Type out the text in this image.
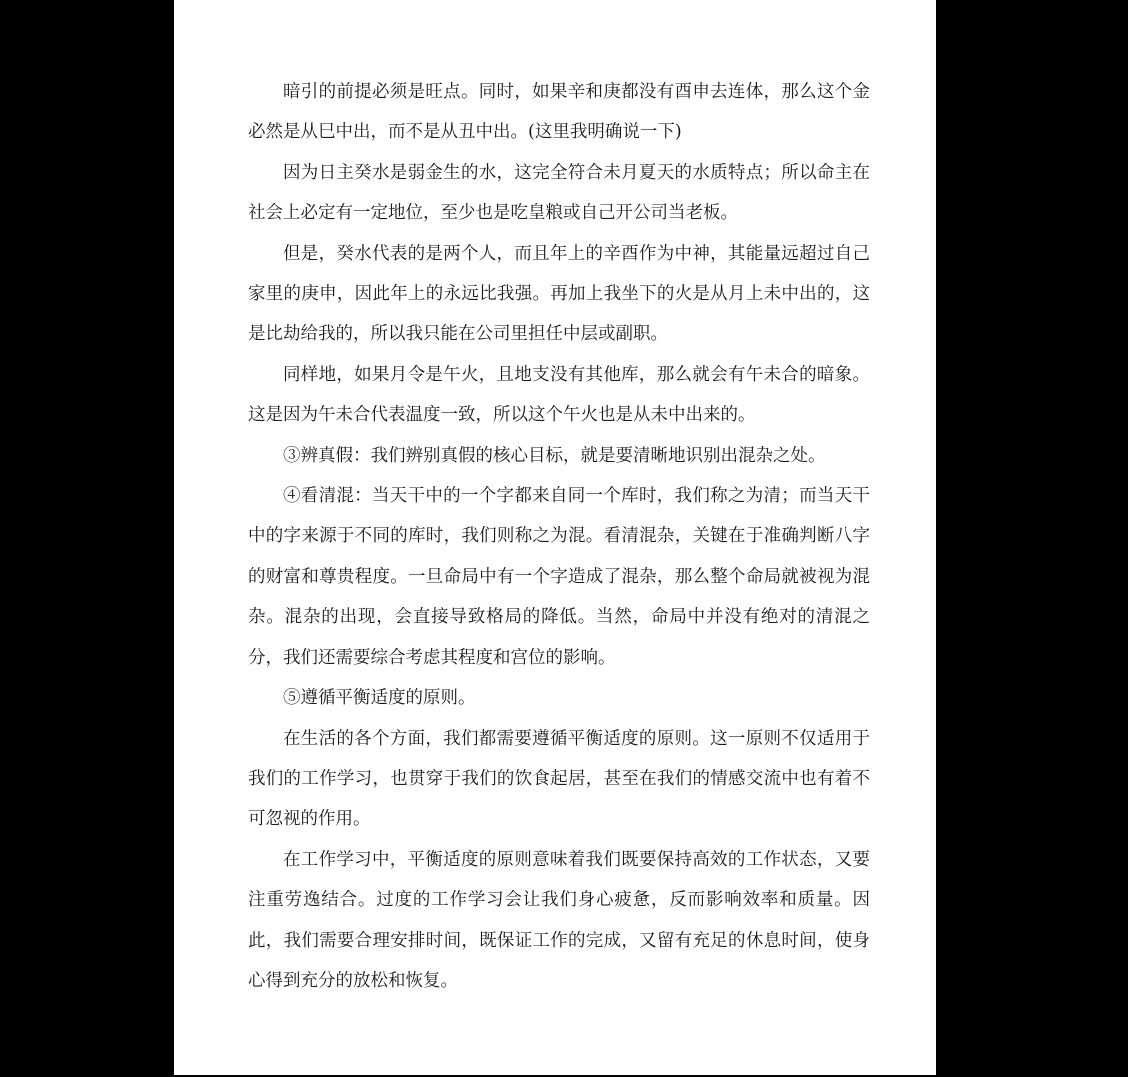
暗引的前提必须是旺点。同时，如果辛和庚都没有酉申去连体，那么这个金必然是从巳中出，而不是从丑中出。(这里我明确说一下)

因为日主癸水是弱金生的水，这完全符合未月夏天的水质特点；所以命主在社会上必定有一定地位，至少也是吃皇粮或自己开公司当老板。

但是，癸水代表的是两个人，而且年上的辛酉作为中神，其能量远超过自己家里的庚申，因此年上的永远比我强。再加上我坐下的火是从月上未中出的，这是比劫给我的，所以我只能在公司里担任中层或副职。

同样地，如果月令是午火，且地支没有其他库，那么就会有午未合的暗象。这是因为午未合代表温度一致，所以这个午火也是从未中出来的。

③辨真假：我们辨别真假的核心目标，就是要清晰地识别出混杂之处。

④看清混：当天干中的一个字都来自同一个库时，我们称之为清；而当天干中的字来源于不同的库时，我们则称之为混。看清混杂，关键在于准确判断八字的财富和尊贵程度。一旦命局中有一个字造成了混杂，那么整个命局就被视为混杂。混杂的出现，会直接导致格局的降低。当然，命局中并没有绝对的清混之分，我们还需要综合考虑其程度和宫位的影响。

⑤遵循平衡适度的原则。

在生活的各个方面，我们都需要遵循平衡适度的原则。这一原则不仅适用于我们的工作学习，也贯穿于我们的饮食起居，甚至在我们的情感交流中也有着不可忽视的作用。

在工作学习中，平衡适度的原则意味着我们既要保持高效的工作状态，又要注重劳逸结合。过度的工作学习会让我们身心疲惫，反而影响效率和质量。因此，我们需要合理安排时间，既保证工作的完成，又留有充足的休息时间，使身心得到充分的放松和恢复。
